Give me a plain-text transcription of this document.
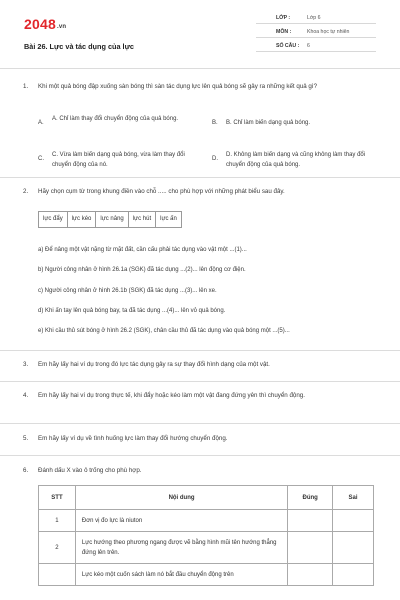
2048.vn
Bài 26. Lực và tác dụng của lực
LỚP :	Lớp 6
MÔN :	Khoa học tự nhiên
SỐ CÂU : 6
1. Khi một quả bóng đập xuống sàn bóng thì sàn tác dụng lực lên quả bóng sẽ gây ra những kết quả gì?
A.
A. Chỉ làm thay đổi chuyển động của quả bóng.
B. B. Chỉ làm biến dạng quả bóng.
C.
C. Vừa làm biến dạng quả bóng, vừa làm thay đổi chuyển động của nó.
D.
D. Không làm biến dạng và cũng không làm thay đổi chuyển động của quả bóng.
2. Hãy chọn cụm từ trong khung điền vào chỗ ..... cho phù hợp với những phát biểu sau đây.
lực đẩy	lực kéo	lực nâng	lực hút	lực ấn
a) Để nâng một vật nặng từ mặt đất, cần cấu phải tác dụng vào vật một ...(1)...
b) Người công nhân ở hình 26.1a (SGK) đã tác dụng ...(2)... lên động cơ điện.
c) Người công nhân ở hình 26.1b (SGK) đã tác dụng ...(3)... lên xe.
d) Khi ấn tay lên quả bóng bay, ta đã tác dụng ...(4)... lên vỏ quả bóng.
e) Khi cầu thủ sút bóng ở hình 26.2 (SGK), chân cầu thủ đã tác dụng vào quả bóng một ...(5)...
3. Em hãy lấy hai ví dụ trong đó lực tác dụng gây ra sự thay đổi hình dạng của một vật.
4. Em hãy lấy hai ví dụ trong thực tế, khi đẩy hoặc kéo làm một vật đang đứng yên thì chuyển động.
5. Em hãy lấy ví dụ về tình huống lực làm thay đổi hướng chuyển động.
6. Đánh dấu X vào ô trống cho phù hợp.
STT	Nội dung	Đúng	Sai
1	Đơn vị đo lực là niuton		
2	Lực hướng theo phương ngang được vẽ bằng hình mũi tên hướng thẳng đứng lên trên.		
	Lực kéo một cuốn sách làm nó bắt đầu chuyển động trên		
